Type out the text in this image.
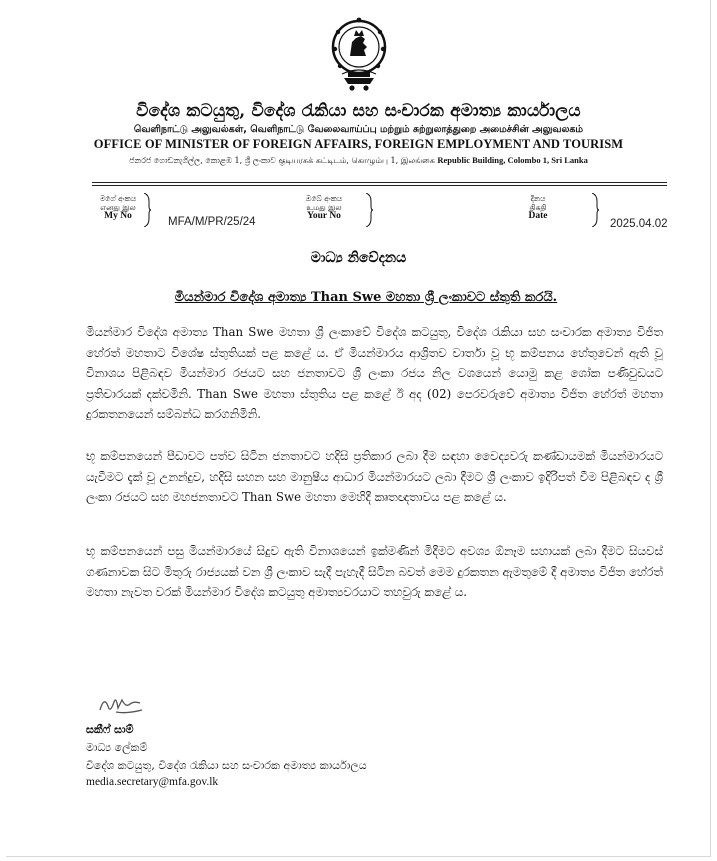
විදේශ කටයුතු, විදේශ රැකියා සහ සංචාරක අමාත්‍ය කාර්යාලය
வெளிநாட்டு அலுவல்கள், வெளிநாட்டு வேலைவாய்ப்பு மற்றும் சுற்றுலாத்துறை அமைச்சின் அலுவலகம்
OFFICE OF MINISTER OF FOREIGN AFFAIRS, FOREIGN EMPLOYMENT AND TOURISM
ජනරජ ගොඩනැගිල්ල, කොළඹ 1, ශ්‍රී ලංකාව குடியரசுக் கட்டிடம், கொழும்பு 1, இலங்கை Republic Building, Colombo 1, Sri Lanka
මගේ අංකය
எனது இல
My No	MFA/M/PR/25/24
ඔබේ අංකය
உமது இல
Your No
දිනය
திகதி
Date
2025.04.02
මාධ්‍ය නිවේදනය
මියන්මාර විදේශ අමාත්‍ය Than Swe මහතා ශ්‍රී ලංකාවට ස්තුති කරයි.

මියන්මාර විදේශ අමාත්‍ය Than Swe මහතා ශ්‍රී ලංකාවේ විදේශ කටයුතු, විදේශ රැකියා සහ සංචාරක අමාත්‍ය විජිත හේරත් මහතාට විශේෂ ස්තුතියක් පළ කළේ ය. ඒ මියන්මාරය ආශ්‍රිතව වාර්තා වූ භූ කම්පනය හේතුවෙන් ඇති වූ විනාශය පිළිබඳව මියන්මාර රජයට සහ ජනතාවට ශ්‍රී ලංකා රජය නිල වශයෙන් යොමු කළ ශෝක පණිවුඩයට ප්‍රතිචාරයක් දක්වමිනි. Than Swe මහතා ස්තුතිය පළ කළේ ඊ අද (02) පෙරවරුවේ අමාත්‍ය විජිත හේරත් මහතා දුරකතනයෙන් සම්බන්ධ කරගනිමිනි.

භූ කම්පනයෙන් පීඩාවට පත්ව සිටින ජනතාවට හදිසි ප්‍රතිකාර ලබා දීම සඳහා වෛද්‍යවරු කණ්ඩායමක් මියන්මාරයට යැවීමට දැක් වූ උනන්දුව, හදිසි සහන සහ මානුෂීය ආධාර මියන්මාරයට ලබා දීමට ශ්‍රී ලංකාව ඉදිරිපත් වීම පිළිබඳව ද ශ්‍රී ලංකා රජයට සහ මහජනතාවට Than Swe මහතා මෙහිදී කෘතඥතාවය පළ කළේ ය.

භූ කම්පනයෙන් පසු මියන්මාරයේ සිදුව ඇති විනාශයෙන් ඉක්මණින් මිදීමට අවශ්‍ය ඕනෑම සහායක් ලබා දීමට සියවස් ගණනාවක සිට මිතුරු රාජ්‍යයක් වන ශ්‍රී ලංකාව සැදී පැහැදී සිටින බවත් මෙම දුරකතන ඇමතුමේ දී අමාත්‍ය විජිත හේරත් මහතා නැවත වරක් මියන්මාර විදේශ කටයුතු අමාත්‍යවරයාට තහවුරු කළේ ය.

සකීෆ් සාම්
මාධ්‍ය ලේකම්
විදේශ කටයුතු, විදේශ රැකියා සහ සංචාරක අමාත්‍ය කාර්යාලය
media.secretary@mfa.gov.lk
